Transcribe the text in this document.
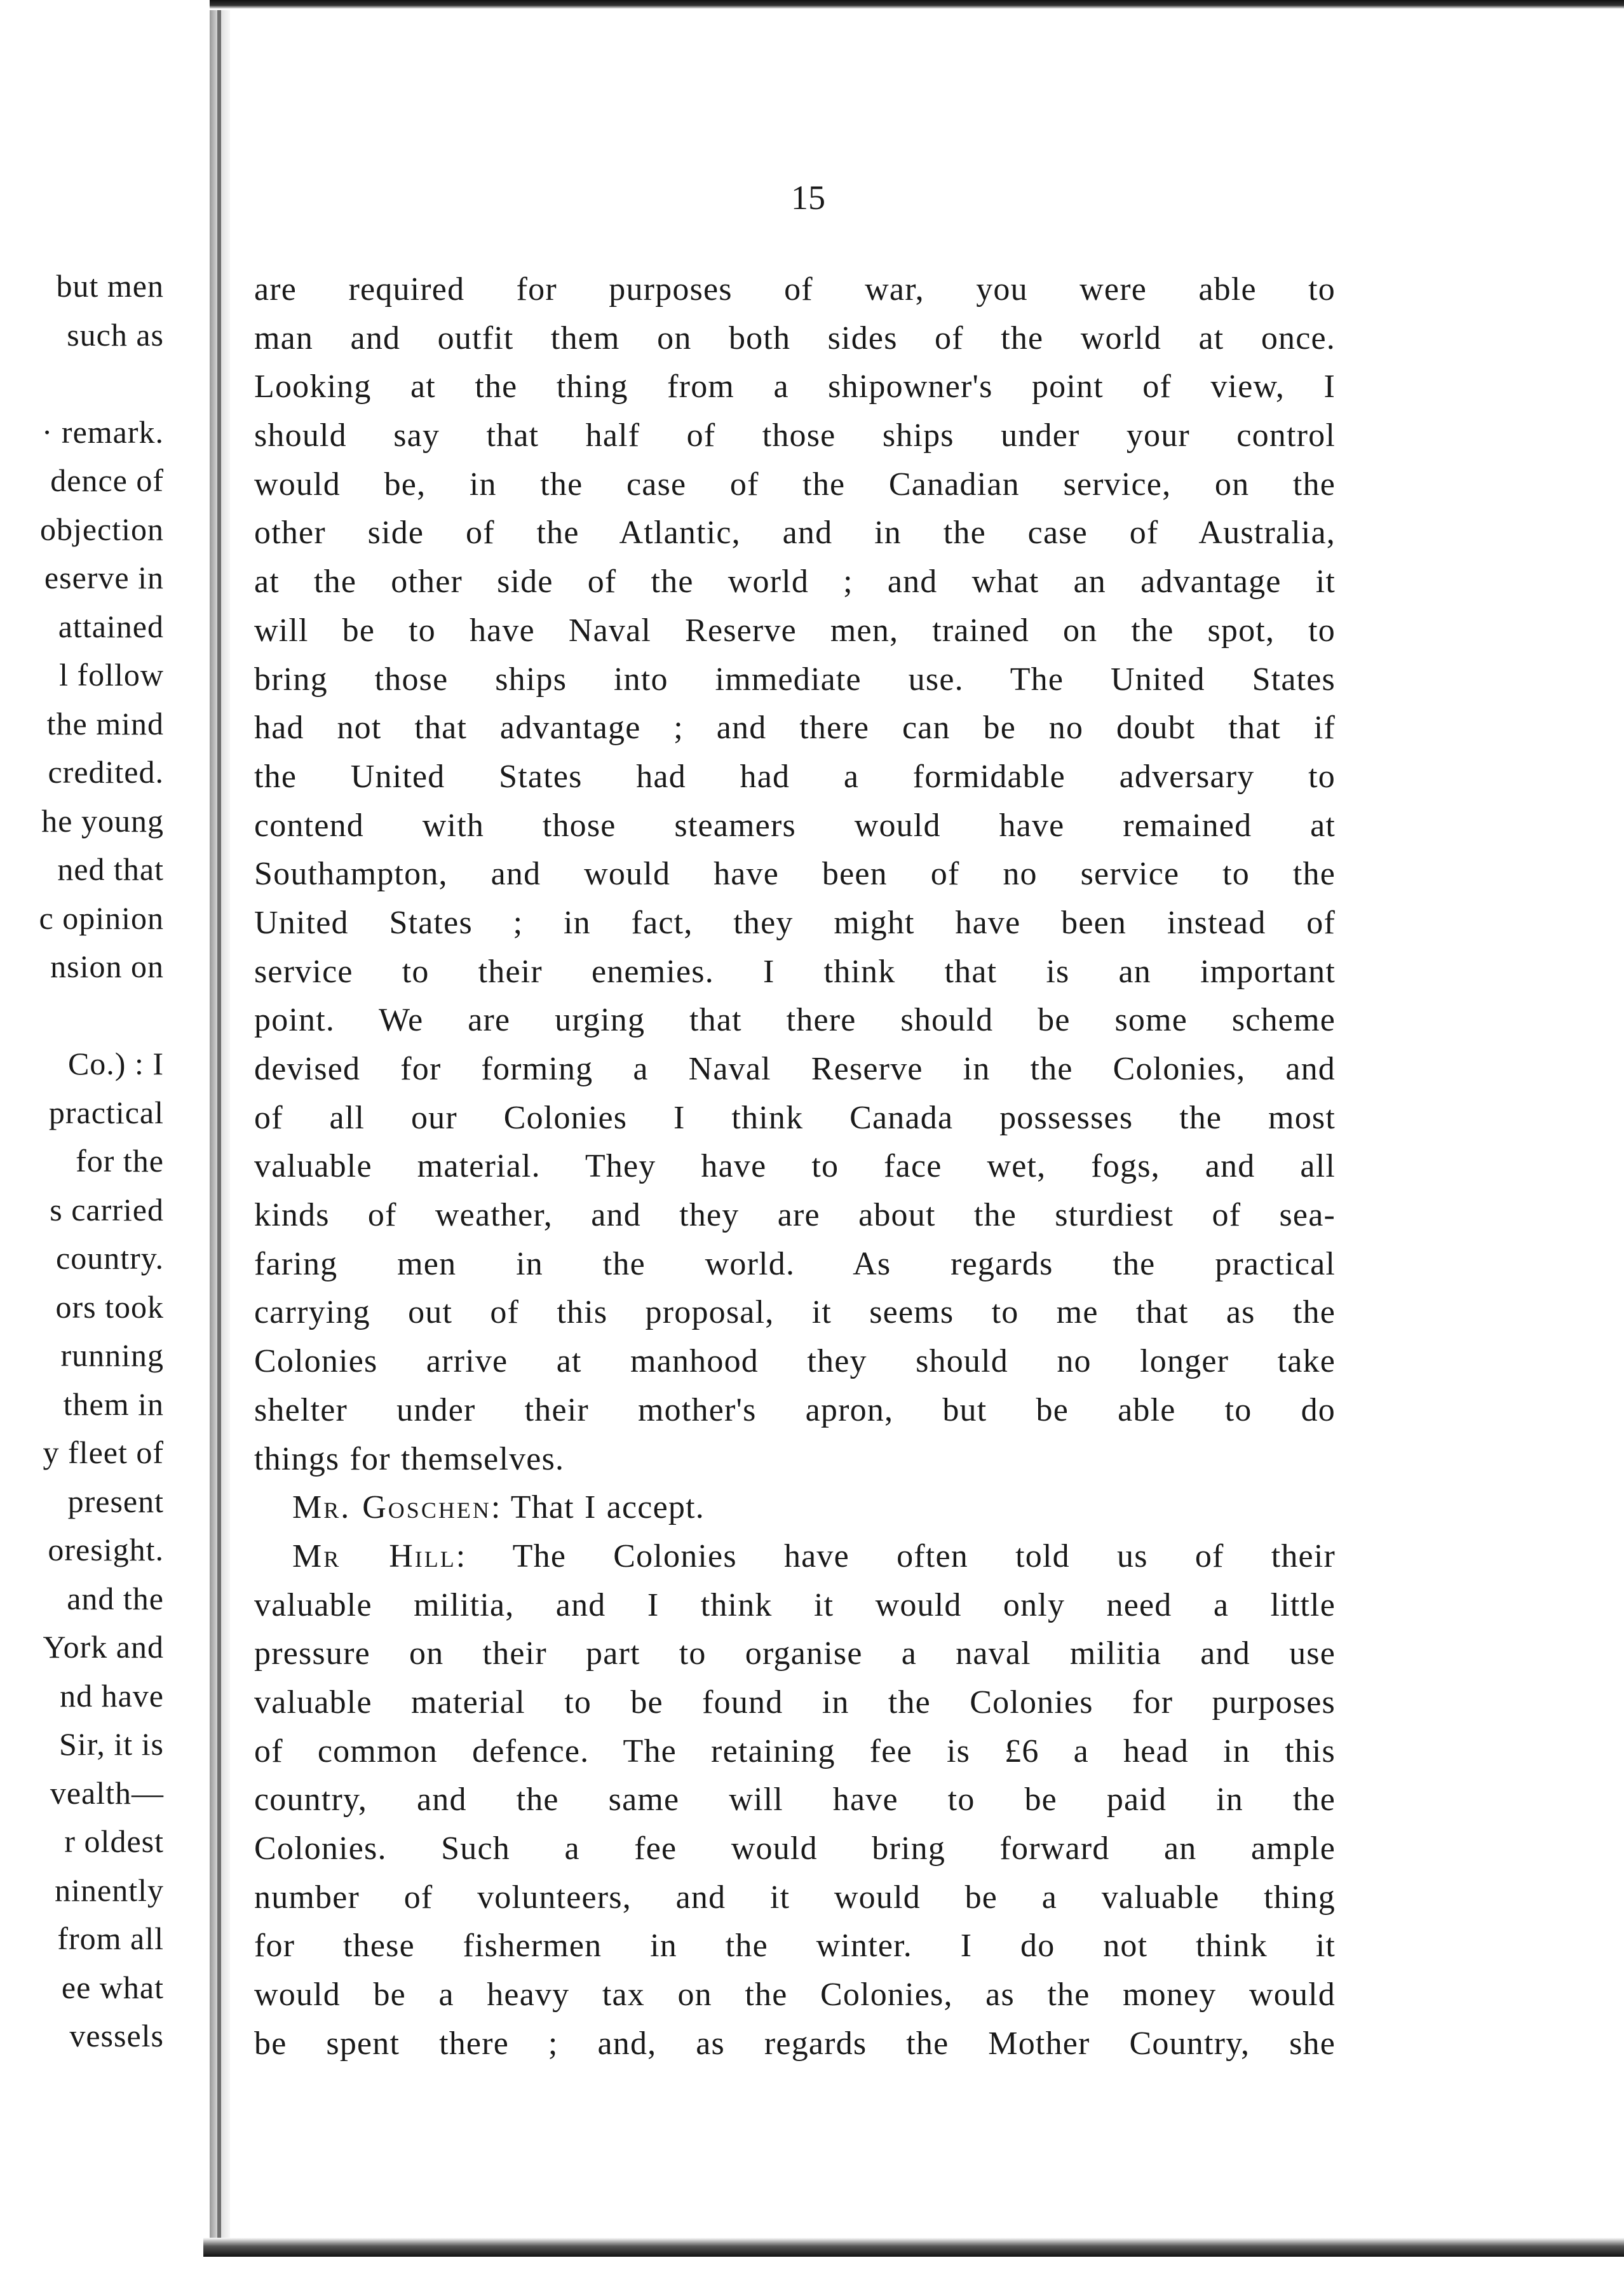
but men
such as
· remark.
dence of
objection
eserve in
attained
l follow
the mind
credited.
he young
ned that
c opinion
nsion on
Co.) : I
practical
for the
s carried
country.
ors took
running
them in
y fleet of
present
oresight.
and the
York and
nd have
Sir, it is
vealth—
r oldest
ninently
from all
ee what
vessels
15
are required for purposes of war, you were able to
man and outfit them on both sides of the world at once.
Looking at the thing from a shipowner's point of view, I
should say that half of those ships under your control
would be, in the case of the Canadian service, on the
other side of the Atlantic, and in the case of Australia,
at the other side of the world ; and what an advantage it
will be to have Naval Reserve men, trained on the spot, to
bring those ships into immediate use. The United States
had not that advantage ; and there can be no doubt that if
the United States had had a formidable adversary to
contend with those steamers would have remained at
Southampton, and would have been of no service to the
United States ; in fact, they might have been instead of
service to their enemies. I think that is an important
point. We are urging that there should be some scheme
devised for forming a Naval Reserve in the Colonies, and
of all our Colonies I think Canada possesses the most
valuable material. They have to face wet, fogs, and all
kinds of weather, and they are about the sturdiest of sea-
faring men in the world. As regards the practical
carrying out of this proposal, it seems to me that as the
Colonies arrive at manhood they should no longer take
shelter under their mother's apron, but be able to do
things for themselves.
Mr. Goschen: That I accept.
Mr Hill: The Colonies have often told us of their
valuable militia, and I think it would only need a little
pressure on their part to organise a naval militia and use
valuable material to be found in the Colonies for purposes
of common defence. The retaining fee is £6 a head in this
country, and the same will have to be paid in the
Colonies. Such a fee would bring forward an ample
number of volunteers, and it would be a valuable thing
for these fishermen in the winter. I do not think it
would be a heavy tax on the Colonies, as the money would
be spent there ; and, as regards the Mother Country, she
